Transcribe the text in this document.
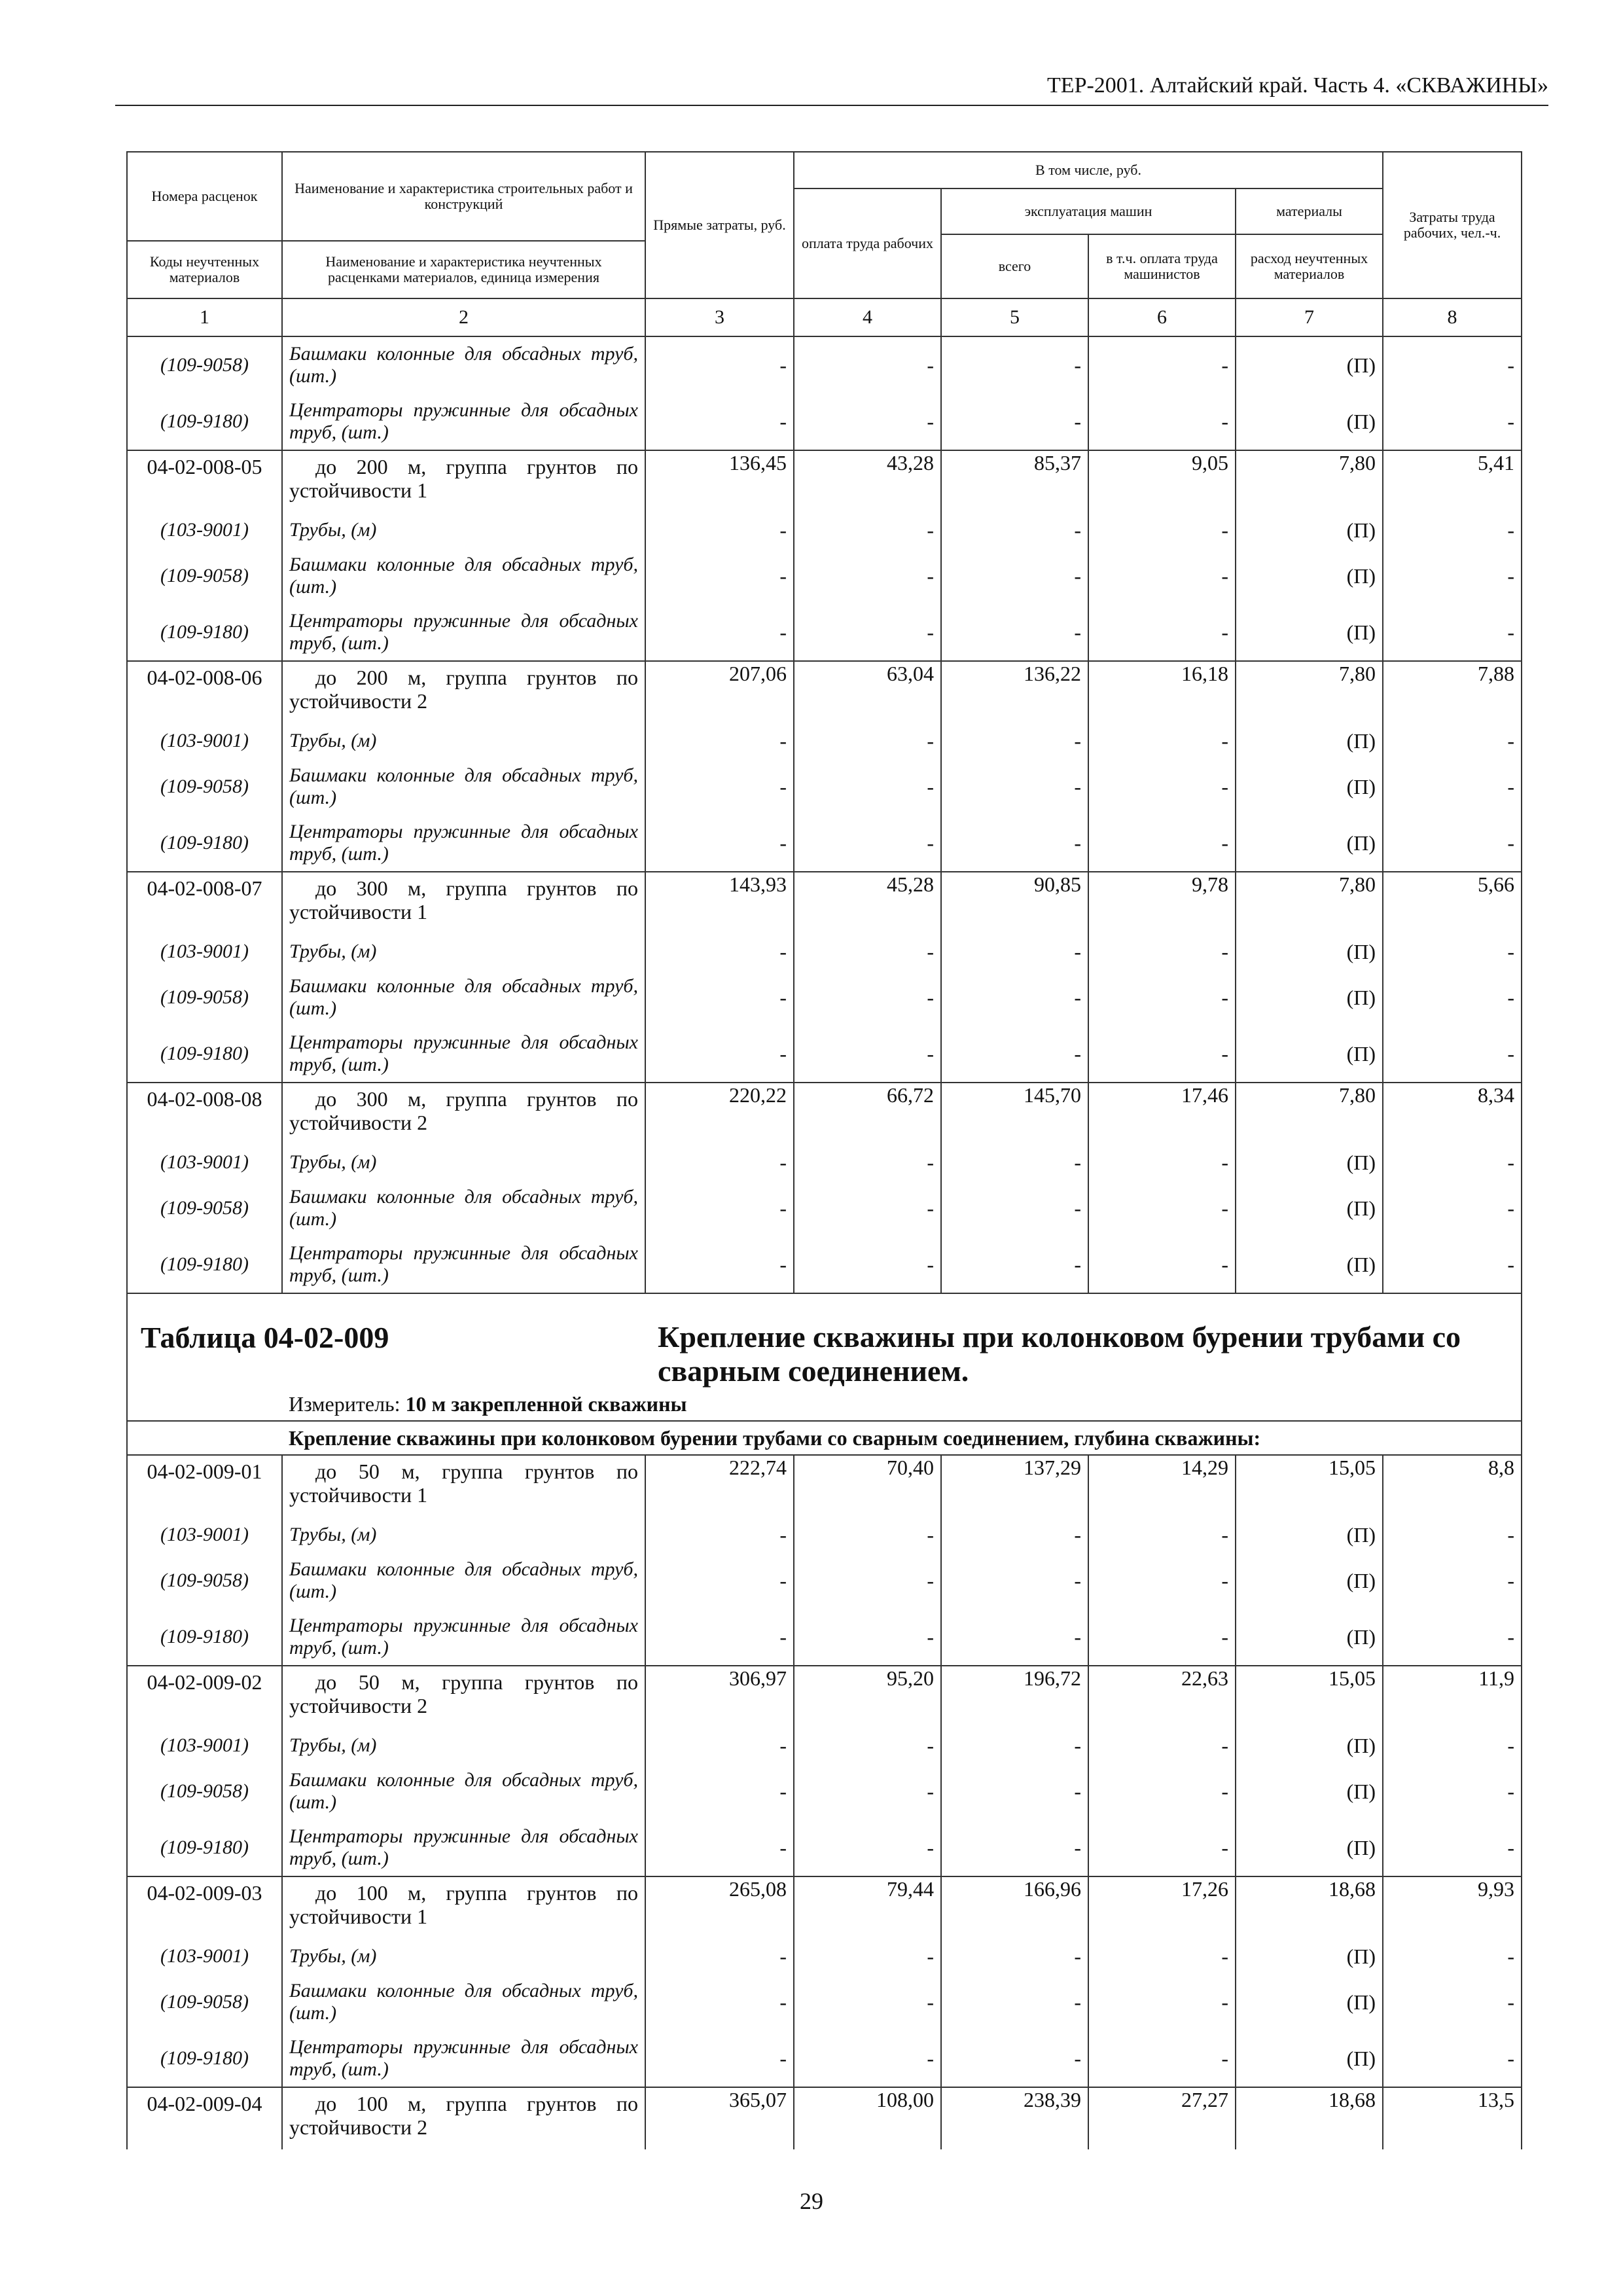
ТЕР-2001. Алтайский край. Часть 4. «СКВАЖИНЫ»
Номера расценок	Наименование и характеристика строительных работ и конструкций	Прямые затраты, руб.	В том числе, руб.				Затраты труда рабочих, чел.-ч.
			оплата труда рабочих	эксплуатация машин		материалы	
				всего	в т.ч. оплата труда машинистов	расход неучтенных материалов	
Коды неучтенных материалов	Наименование и характеристика неучтенных расценками материалов, единица измерения						
1	2	3	4	5	6	7	8
(109-9058)	Башмаки колонные для обсадных труб, (шт.)	-	-	-	-	(П)	-
(109-9180)	Центраторы пружинные для обсадных труб, (шт.)	-	-	-	-	(П)	-
04-02-008-05	до 200 м, группа грунтов по устойчивости 1	136,45	43,28	85,37	9,05	7,80	5,41
(103-9001)	Трубы, (м)	-	-	-	-	(П)	-
(109-9058)	Башмаки колонные для обсадных труб, (шт.)	-	-	-	-	(П)	-
(109-9180)	Центраторы пружинные для обсадных труб, (шт.)	-	-	-	-	(П)	-
04-02-008-06	до 200 м, группа грунтов по устойчивости 2	207,06	63,04	136,22	16,18	7,80	7,88
(103-9001)	Трубы, (м)	-	-	-	-	(П)	-
(109-9058)	Башмаки колонные для обсадных труб, (шт.)	-	-	-	-	(П)	-
(109-9180)	Центраторы пружинные для обсадных труб, (шт.)	-	-	-	-	(П)	-
04-02-008-07	до 300 м, группа грунтов по устойчивости 1	143,93	45,28	90,85	9,78	7,80	5,66
(103-9001)	Трубы, (м)	-	-	-	-	(П)	-
(109-9058)	Башмаки колонные для обсадных труб, (шт.)	-	-	-	-	(П)	-
(109-9180)	Центраторы пружинные для обсадных труб, (шт.)	-	-	-	-	(П)	-
04-02-008-08	до 300 м, группа грунтов по устойчивости 2	220,22	66,72	145,70	17,46	7,80	8,34
(103-9001)	Трубы, (м)	-	-	-	-	(П)	-
(109-9058)	Башмаки колонные для обсадных труб, (шт.)	-	-	-	-	(П)	-
(109-9180)	Центраторы пружинные для обсадных труб, (шт.)	-	-	-	-	(П)	-

Таблица 04-02-009 Крепление скважины при колонковом бурении трубами со сварным соединением.
Измеритель: 10 м закрепленной скважины							

Крепление скважины при колонковом бурении трубами со сварным соединением, глубина скважины:							
04-02-009-01	до 50 м, группа грунтов по устойчивости 1	222,74	70,40	137,29	14,29	15,05	8,8
(103-9001)	Трубы, (м)	-	-	-	-	(П)	-
(109-9058)	Башмаки колонные для обсадных труб, (шт.)	-	-	-	-	(П)	-
(109-9180)	Центраторы пружинные для обсадных труб, (шт.)	-	-	-	-	(П)	-
04-02-009-02	до 50 м, группа грунтов по устойчивости 2	306,97	95,20	196,72	22,63	15,05	11,9
(103-9001)	Трубы, (м)	-	-	-	-	(П)	-
(109-9058)	Башмаки колонные для обсадных труб, (шт.)	-	-	-	-	(П)	-
(109-9180)	Центраторы пружинные для обсадных труб, (шт.)	-	-	-	-	(П)	-
04-02-009-03	до 100 м, группа грунтов по устойчивости 1	265,08	79,44	166,96	17,26	18,68	9,93
(103-9001)	Трубы, (м)	-	-	-	-	(П)	-
(109-9058)	Башмаки колонные для обсадных труб, (шт.)	-	-	-	-	(П)	-
(109-9180)	Центраторы пружинные для обсадных труб, (шт.)	-	-	-	-	(П)	-
04-02-009-04	до 100 м, группа грунтов по устойчивости 2	365,07	108,00	238,39	27,27	18,68	13,5
29
